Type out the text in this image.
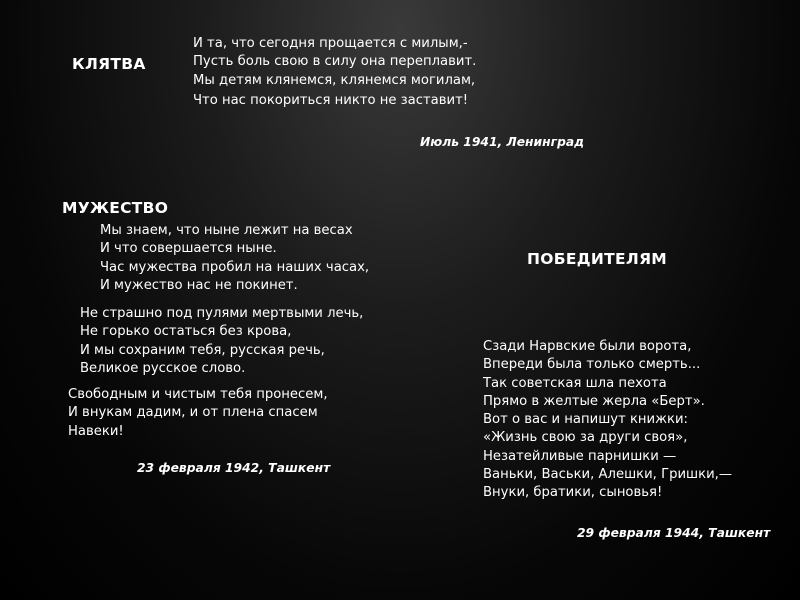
КЛЯТВА
И та, что сегодня прощается с милым,-
Пусть боль свою в силу она переплавит.
Мы детям клянемся, клянемся могилам,
Что нас покориться никто не заставит!
Июль 1941, Ленинград
МУЖЕСТВО
Мы знаем, что ныне лежит на весах
И что совершается ныне.
Час мужества пробил на наших часах,
И мужество нас не покинет.
Не страшно под пулями мертвыми лечь,
Не горько остаться без крова,
И мы сохраним тебя, русская речь,
Великое русское слово.
Свободным и чистым тебя пронесем,
И внукам дадим, и от плена спасем
Навеки!
23 февраля 1942, Ташкент
ПОБЕДИТЕЛЯМ
Сзади Нарвские были ворота,
Впереди была только смерть...
Так советская шла пехота
Прямо в желтые жерла «Берт».
Вот о вас и напишут книжки:
«Жизнь свою за други своя»,
Незатейливые парнишки —
Ваньки, Васьки, Алешки, Гришки,—
Внуки, братики, сыновья!
29 февраля 1944, Ташкент
